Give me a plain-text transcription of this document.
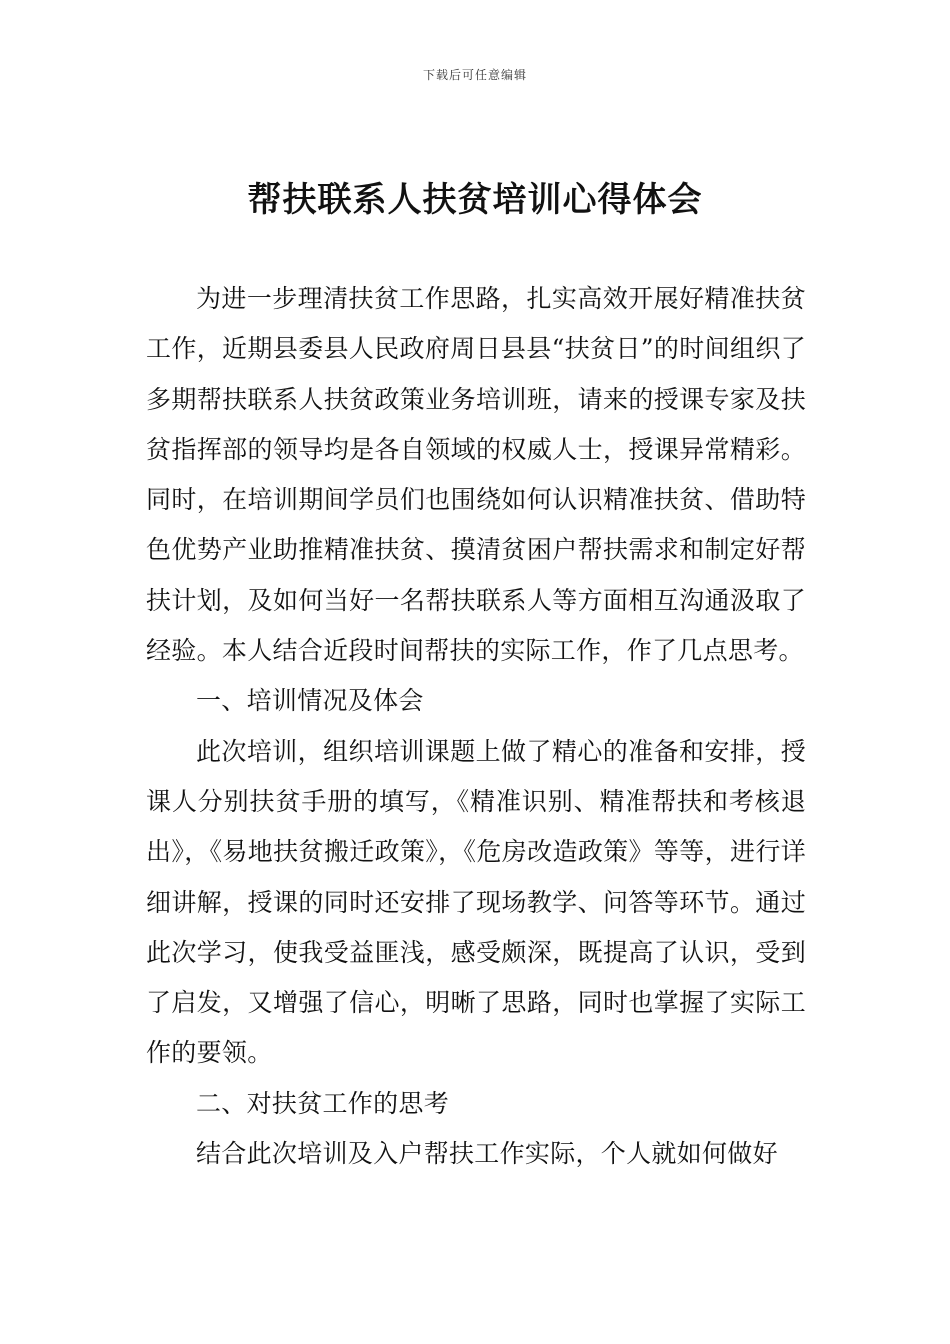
下载后可任意编辑
帮扶联系人扶贫培训心得体会

为进一步理清扶贫工作思路，扎实高效开展好精准扶贫工作，近期县委县人民政府周日县县“扶贫日”的时间组织了多期帮扶联系人扶贫政策业务培训班，请来的授课专家及扶贫指挥部的领导均是各自领域的权威人士，授课异常精彩。同时，在培训期间学员们也围绕如何认识精准扶贫、借助特色优势产业助推精准扶贫、摸清贫困户帮扶需求和制定好帮扶计划，及如何当好一名帮扶联系人等方面相互沟通汲取了经验。本人结合近段时间帮扶的实际工作，作了几点思考。

一、培训情况及体会

此次培训，组织培训课题上做了精心的准备和安排，授课人分别扶贫手册的填写，《精准识别、精准帮扶和考核退出》，《易地扶贫搬迁政策》，《危房改造政策》等等，进行详细讲解，授课的同时还安排了现场教学、问答等环节。通过此次学习，使我受益匪浅，感受颇深，既提高了认识，受到了启发，又增强了信心，明晰了思路，同时也掌握了实际工作的要领。

二、对扶贫工作的思考

结合此次培训及入户帮扶工作实际，个人就如何做好
